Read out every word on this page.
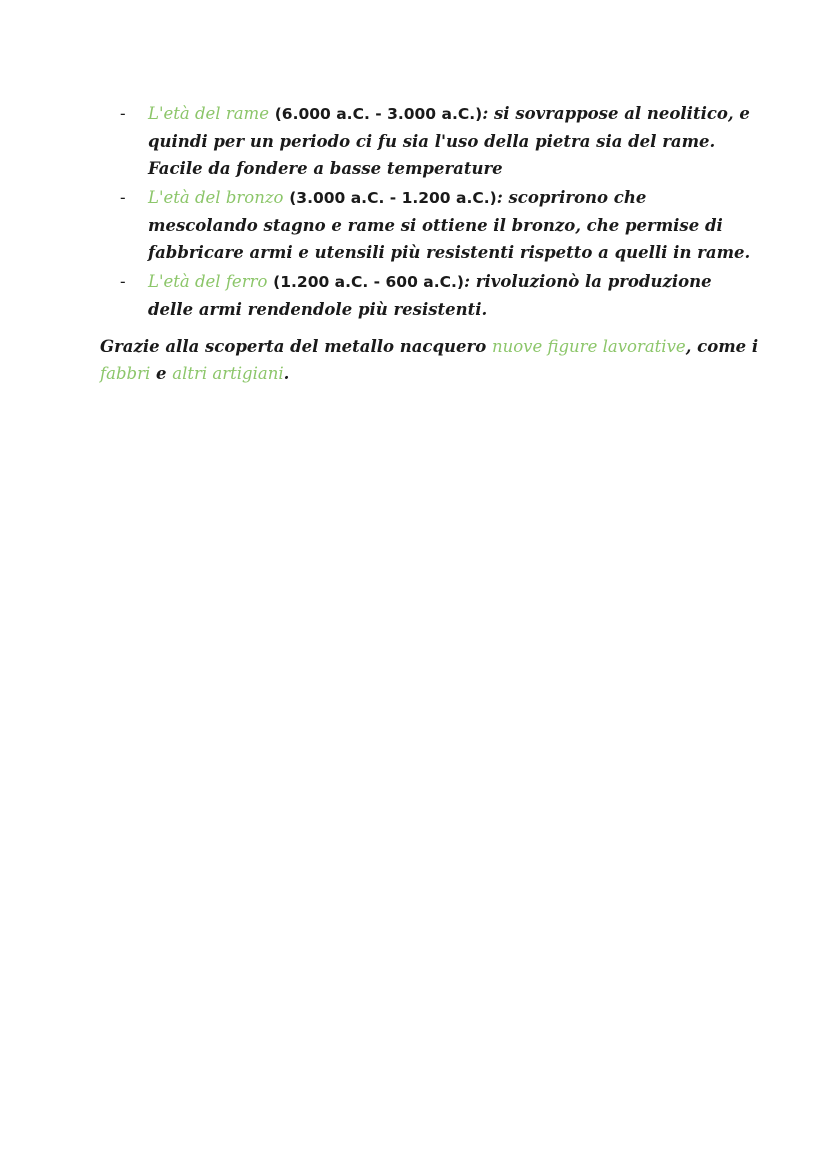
- L'età del rame (6.000 a.C. - 3.000 a.C.): si sovrappose al neolitico, e quindi per un periodo ci fu sia l'uso della pietra sia del rame. Facile da fondere a basse temperature
- L'età del bronzo (3.000 a.C. - 1.200 a.C.): scoprirono che mescolando stagno e rame si ottiene il bronzo, che permise di fabbricare armi e utensili più resistenti rispetto a quelli in rame.
- L'età del ferro (1.200 a.C. - 600 a.C.): rivoluzionò la produzione delle armi rendendole più resistenti.

Grazie alla scoperta del metallo nacquero nuove figure lavorative, come i fabbri e altri artigiani.
